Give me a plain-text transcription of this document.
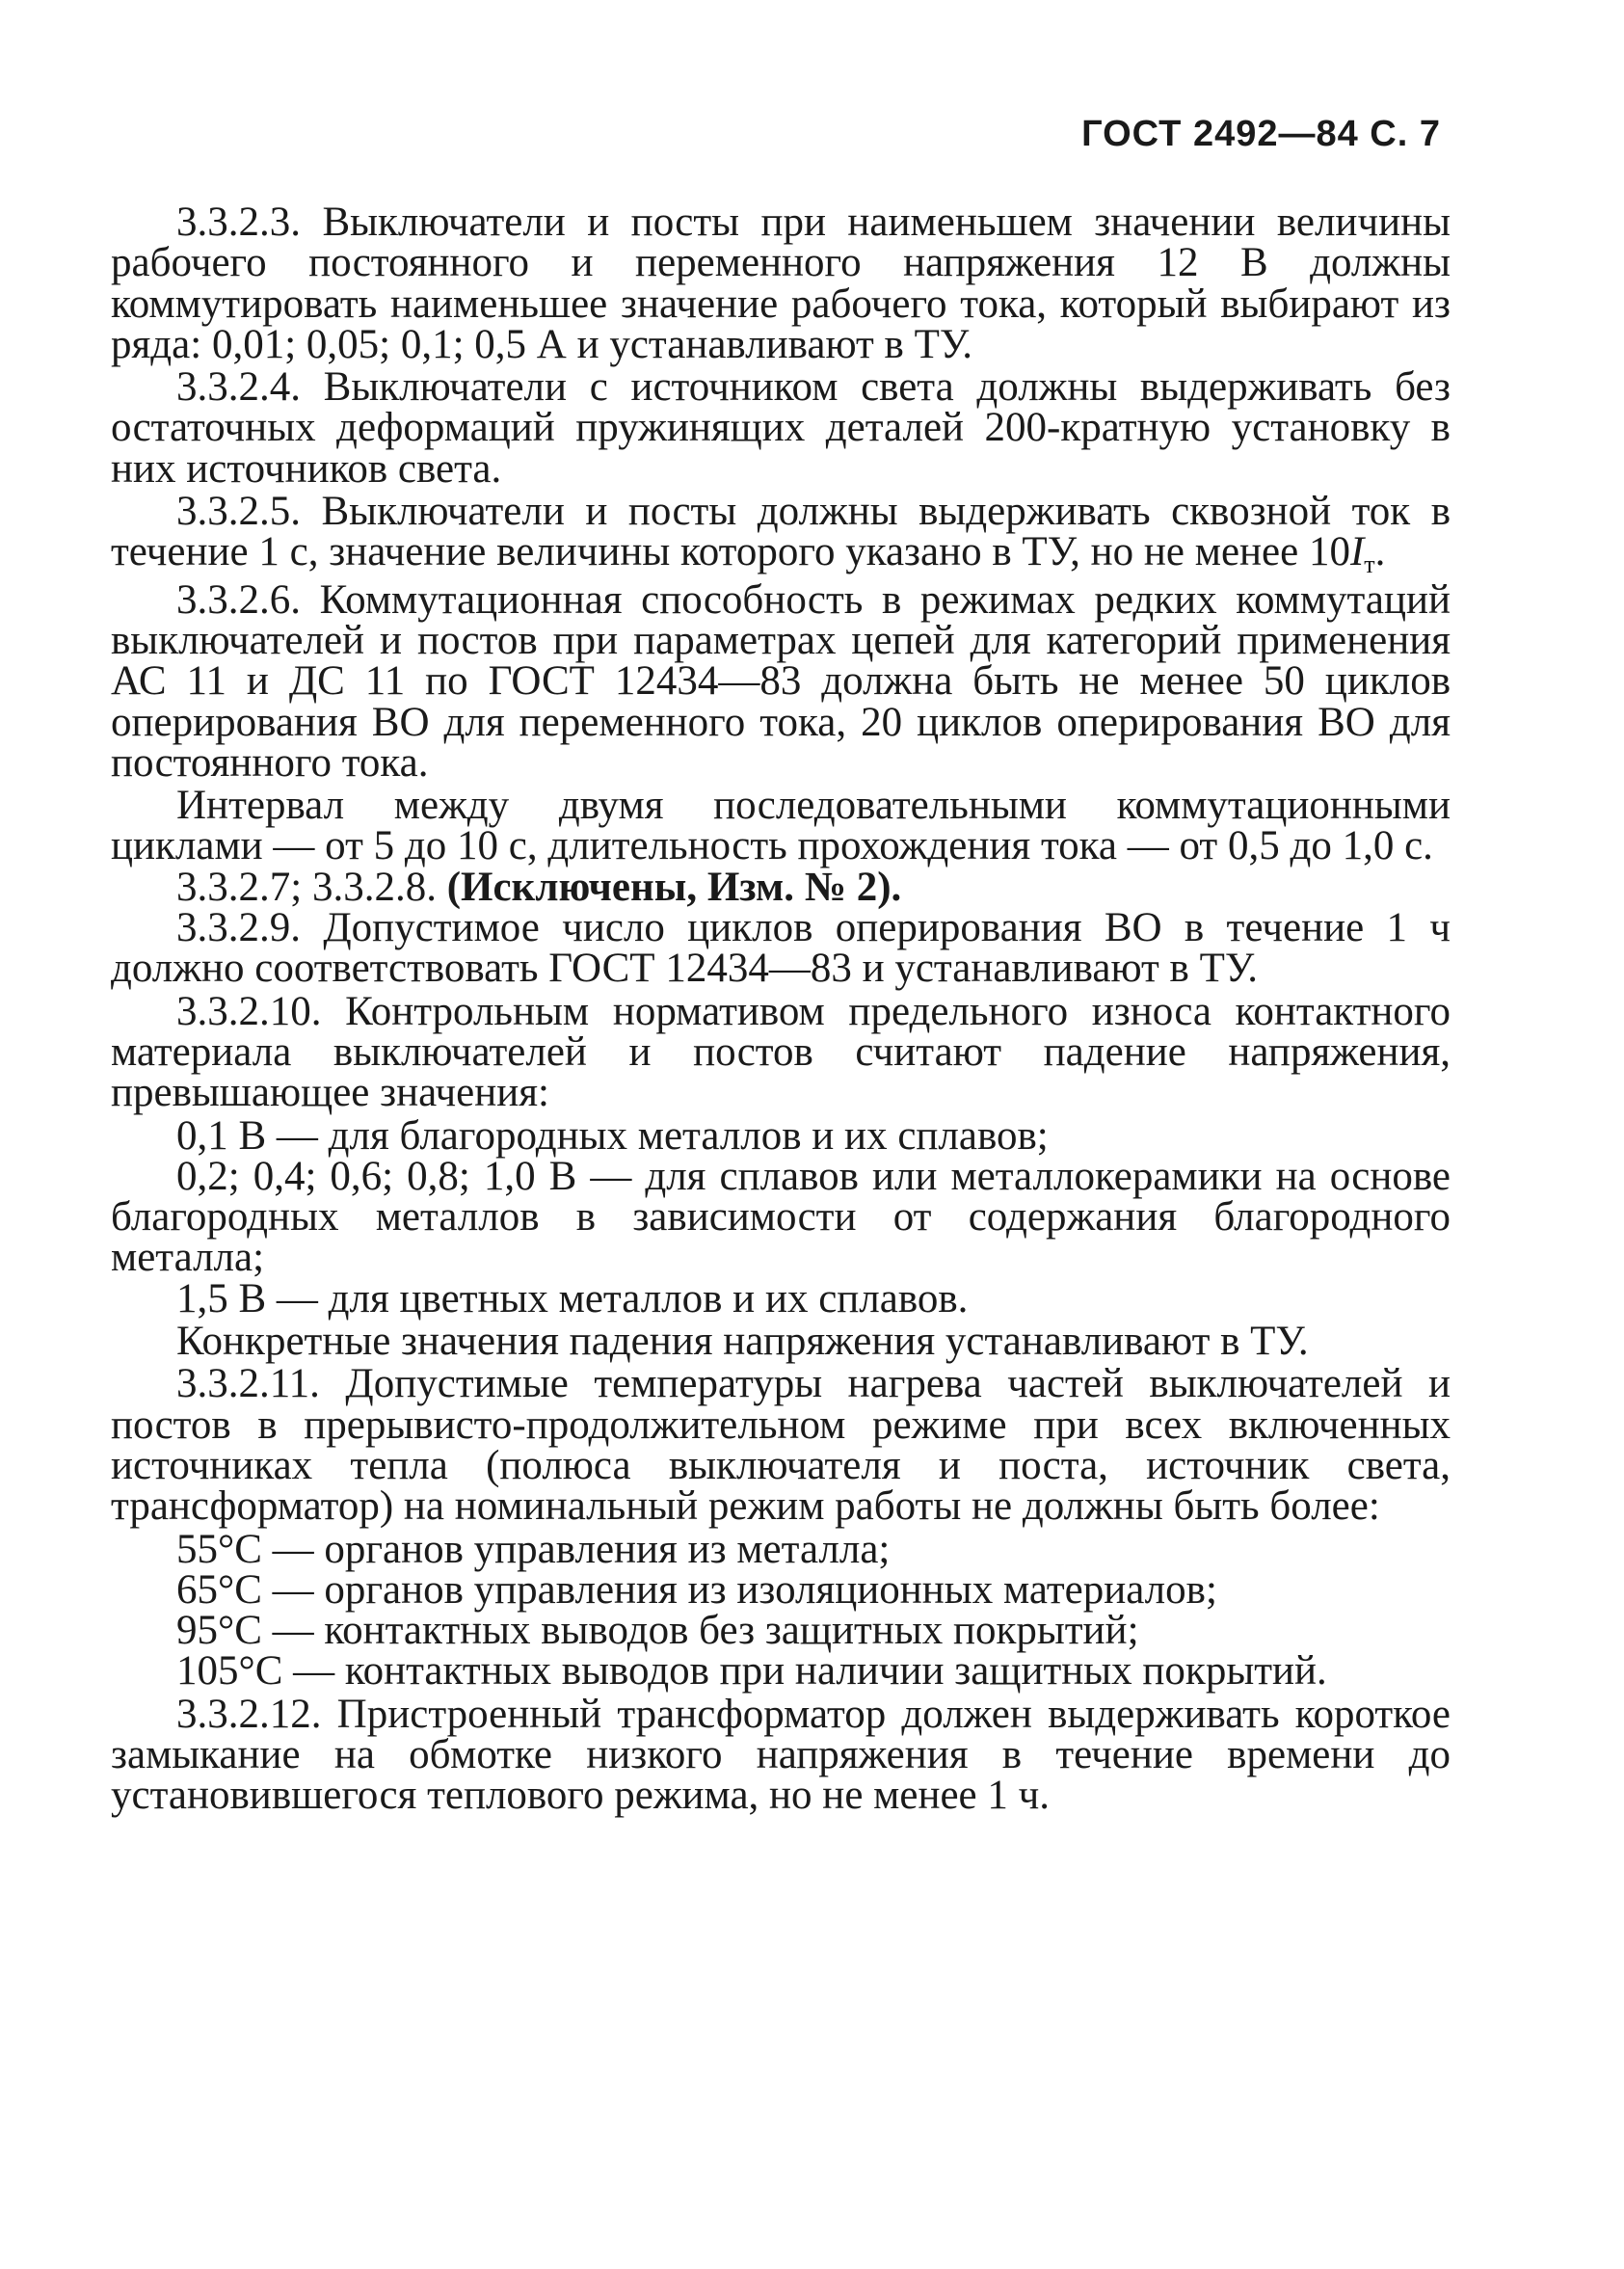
ГОСТ 2492—84 С. 7

3.3.2.3. Выключатели и посты при наименьшем значении величины рабочего постоянного и переменного напряжения 12 В должны коммутировать наименьшее значение рабочего тока, который выбирают из ряда: 0,01; 0,05; 0,1; 0,5 А и устанавливают в ТУ.

3.3.2.4. Выключатели с источником света должны выдерживать без остаточных деформаций пружинящих деталей 200-кратную установку в них источников света.

3.3.2.5. Выключатели и посты должны выдерживать сквозной ток в течение 1 с, значение величины которого указано в ТУ, но не менее $10I_т$.

3.3.2.6. Коммутационная способность в режимах редких коммутаций выключателей и постов при параметрах цепей для категорий применения АС 11 и ДС 11 по ГОСТ 12434—83 должна быть не менее 50 циклов оперирования ВО для переменного тока, 20 циклов оперирования ВО для постоянного тока.

Интервал между двумя последовательными коммутационными циклами — от 5 до 10 с, длительность прохождения тока — от 0,5 до 1,0 с.

3.3.2.7; 3.3.2.8. (Исключены, Изм. № 2).

3.3.2.9. Допустимое число циклов оперирования ВО в течение 1 ч должно соответствовать ГОСТ 12434—83 и устанавливают в ТУ.

3.3.2.10. Контрольным нормативом предельного износа контактного материала выключателей и постов считают падение напряжения, превышающее значения:

0,1 В — для благородных металлов и их сплавов;

0,2; 0,4; 0,6; 0,8; 1,0 В — для сплавов или металлокерамики на основе благородных металлов в зависимости от содержания благородного металла;

1,5 В — для цветных металлов и их сплавов.

Конкретные значения падения напряжения устанавливают в ТУ.

3.3.2.11. Допустимые температуры нагрева частей выключателей и постов в прерывисто-продолжительном режиме при всех включенных источниках тепла (полюса выключателя и поста, источник света, трансформатор) на номинальный режим работы не должны быть более:

55°C — органов управления из металла;

65°C — органов управления из изоляционных материалов;

95°C — контактных выводов без защитных покрытий;

105°C — контактных выводов при наличии защитных покрытий.

3.3.2.12. Пристроенный трансформатор должен выдерживать короткое замыкание на обмотке низкого напряжения в течение времени до установившегося теплового режима, но не менее 1 ч.
